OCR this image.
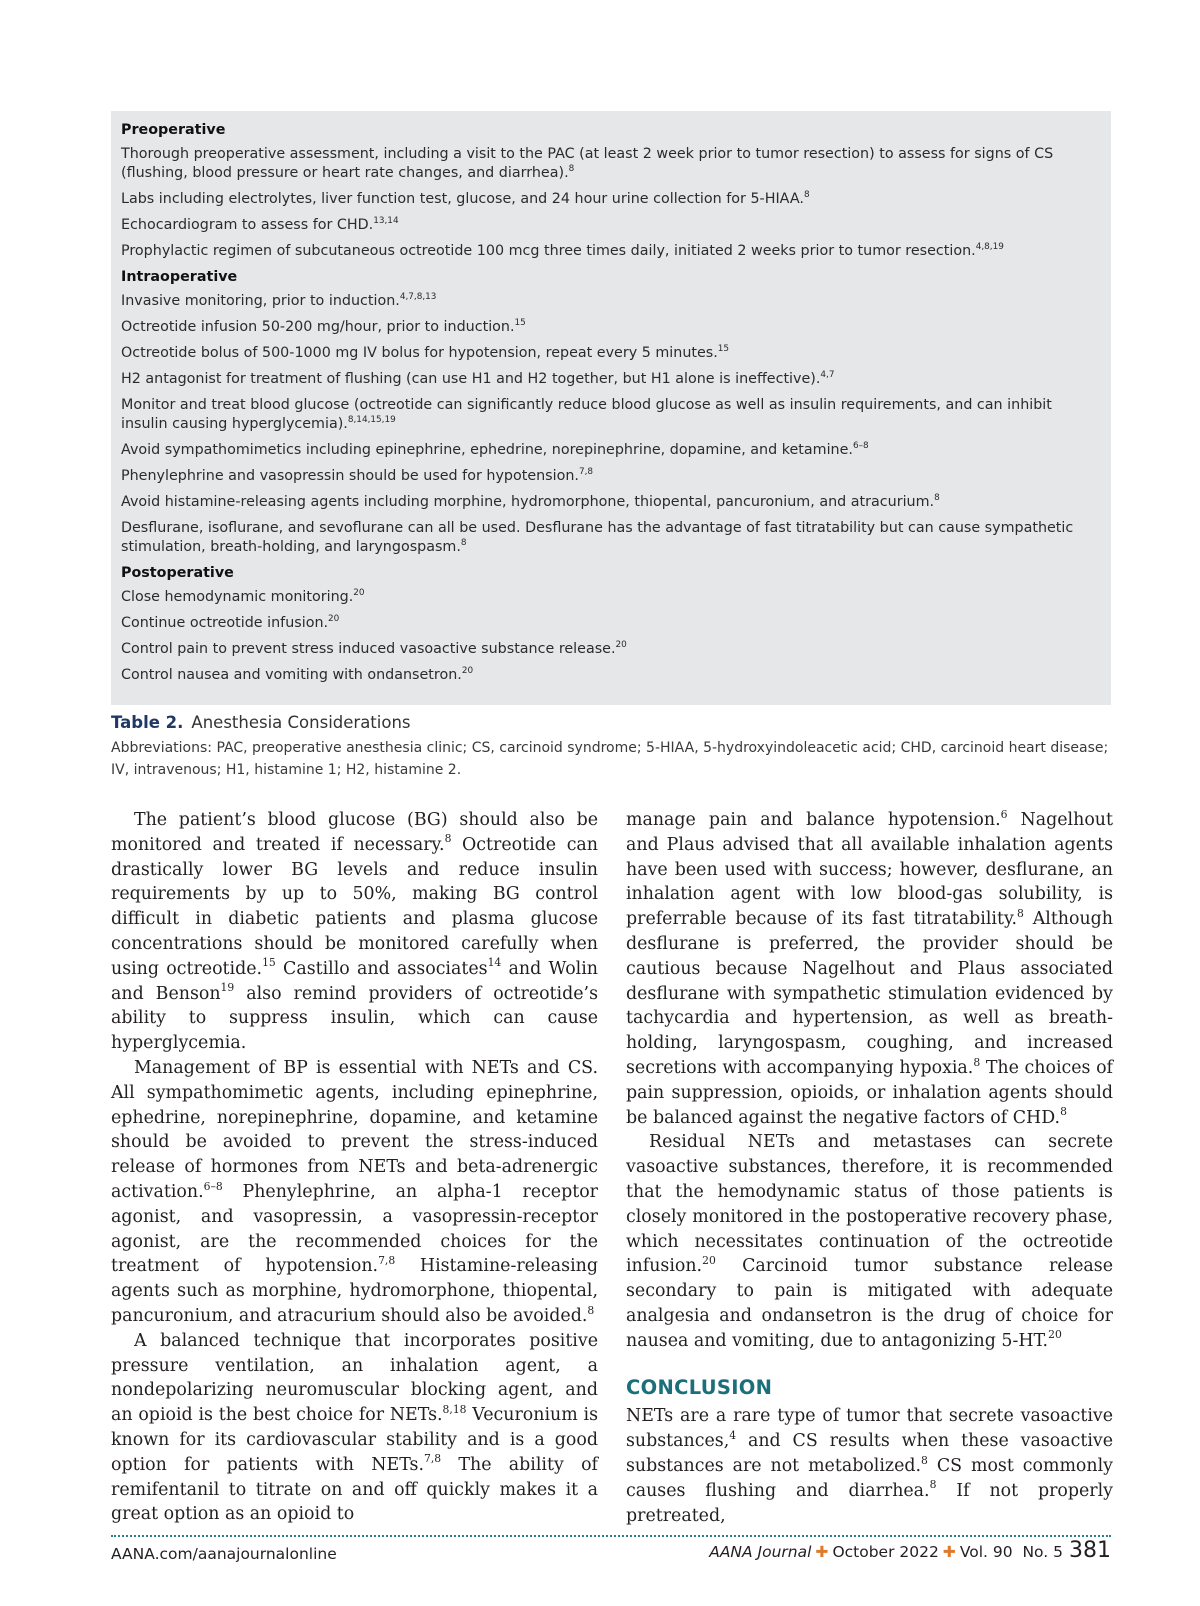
Preoperative
Thorough preoperative assessment, including a visit to the PAC (at least 2 week prior to tumor resection) to assess for signs of CS (flushing, blood pressure or heart rate changes, and diarrhea).$^8$
Labs including electrolytes, liver function test, glucose, and 24 hour urine collection for 5-HIAA.$^8$
Echocardiogram to assess for CHD.$^{13,14}$
Prophylactic regimen of subcutaneous octreotide 100 mcg three times daily, initiated 2 weeks prior to tumor resection.$^{4,8,19}$
Intraoperative
Invasive monitoring, prior to induction.$^{4,7,8,13}$
Octreotide infusion 50-200 mg/hour, prior to induction.$^{15}$
Octreotide bolus of 500-1000 mg IV bolus for hypotension, repeat every 5 minutes.$^{15}$
H2 antagonist for treatment of flushing (can use H1 and H2 together, but H1 alone is ineffective).$^{4,7}$
Monitor and treat blood glucose (octreotide can significantly reduce blood glucose as well as insulin requirements, and can inhibit insulin causing hyperglycemia).$^{8,14,15,19}$
Avoid sympathomimetics including epinephrine, ephedrine, norepinephrine, dopamine, and ketamine.$^{6-8}$
Phenylephrine and vasopressin should be used for hypotension.$^{7,8}$
Avoid histamine-releasing agents including morphine, hydromorphone, thiopental, pancuronium, and atracurium.$^8$
Desflurane, isoflurane, and sevoflurane can all be used. Desflurane has the advantage of fast titratability but can cause sympathetic stimulation, breath-holding, and laryngospasm.$^8$
Postoperative
Close hemodynamic monitoring.$^{20}$
Continue octreotide infusion.$^{20}$
Control pain to prevent stress induced vasoactive substance release.$^{20}$
Control nausea and vomiting with ondansetron.$^{20}$
Table 2. Anesthesia Considerations
Abbreviations: PAC, preoperative anesthesia clinic; CS, carcinoid syndrome; 5-HIAA, 5-hydroxyindoleacetic acid; CHD, carcinoid heart disease; IV, intravenous; H1, histamine 1; H2, histamine 2.

The patient’s blood glucose (BG) should also be monitored and treated if necessary.$^8$ Octreotide can drastically lower BG levels and reduce insulin requirements by up to 50%, making BG control difficult in diabetic patients and plasma glucose concentrations should be monitored carefully when using octreotide.$^{15}$ Castillo and associates$^{14}$ and Wolin and Benson$^{19}$ also remind providers of octreotide’s ability to suppress insulin, which can cause hyperglycemia.

Management of BP is essential with NETs and CS. All sympathomimetic agents, including epinephrine, ephedrine, norepinephrine, dopamine, and ketamine should be avoided to prevent the stress-induced release of hormones from NETs and beta-adrenergic activation.$^{6-8}$ Phenylephrine, an alpha-1 receptor agonist, and vasopressin, a vasopressin-receptor agonist, are the recommended choices for the treatment of hypotension.$^{7,8}$ Histamine-releasing agents such as morphine, hydromorphone, thiopental, pancuronium, and atracurium should also be avoided.$^8$

A balanced technique that incorporates positive pressure ventilation, an inhalation agent, a nondepolarizing neuromuscular blocking agent, and an opioid is the best choice for NETs.$^{8,18}$ Vecuronium is known for its cardiovascular stability and is a good option for patients with NETs.$^{7,8}$ The ability of remifentanil to titrate on and off quickly makes it a great option as an opioid to

manage pain and balance hypotension.$^6$ Nagelhout and Plaus advised that all available inhalation agents have been used with success; however, desflurane, an inhalation agent with low blood-gas solubility, is preferrable because of its fast titratability.$^8$ Although desflurane is preferred, the provider should be cautious because Nagelhout and Plaus associated desflurane with sympathetic stimulation evidenced by tachycardia and hypertension, as well as breath-holding, laryngospasm, coughing, and increased secretions with accompanying hypoxia.$^8$ The choices of pain suppression, opioids, or inhalation agents should be balanced against the negative factors of CHD.$^8$

Residual NETs and metastases can secrete vasoactive substances, therefore, it is recommended that the hemodynamic status of those patients is closely monitored in the postoperative recovery phase, which necessitates continuation of the octreotide infusion.$^{20}$ Carcinoid tumor substance release secondary to pain is mitigated with adequate analgesia and ondansetron is the drug of choice for nausea and vomiting, due to antagonizing 5-HT.$^{20}$

CONCLUSION

NETs are a rare type of tumor that secrete vasoactive substances,$^4$ and CS results when these vasoactive substances are not metabolized.$^8$ CS most commonly causes flushing and diarrhea.$^8$ If not properly pretreated,

AANA.com/aanajournalonline	AANA Journal ✚ October 2022 ✚ Vol. 90  No. 5 381
